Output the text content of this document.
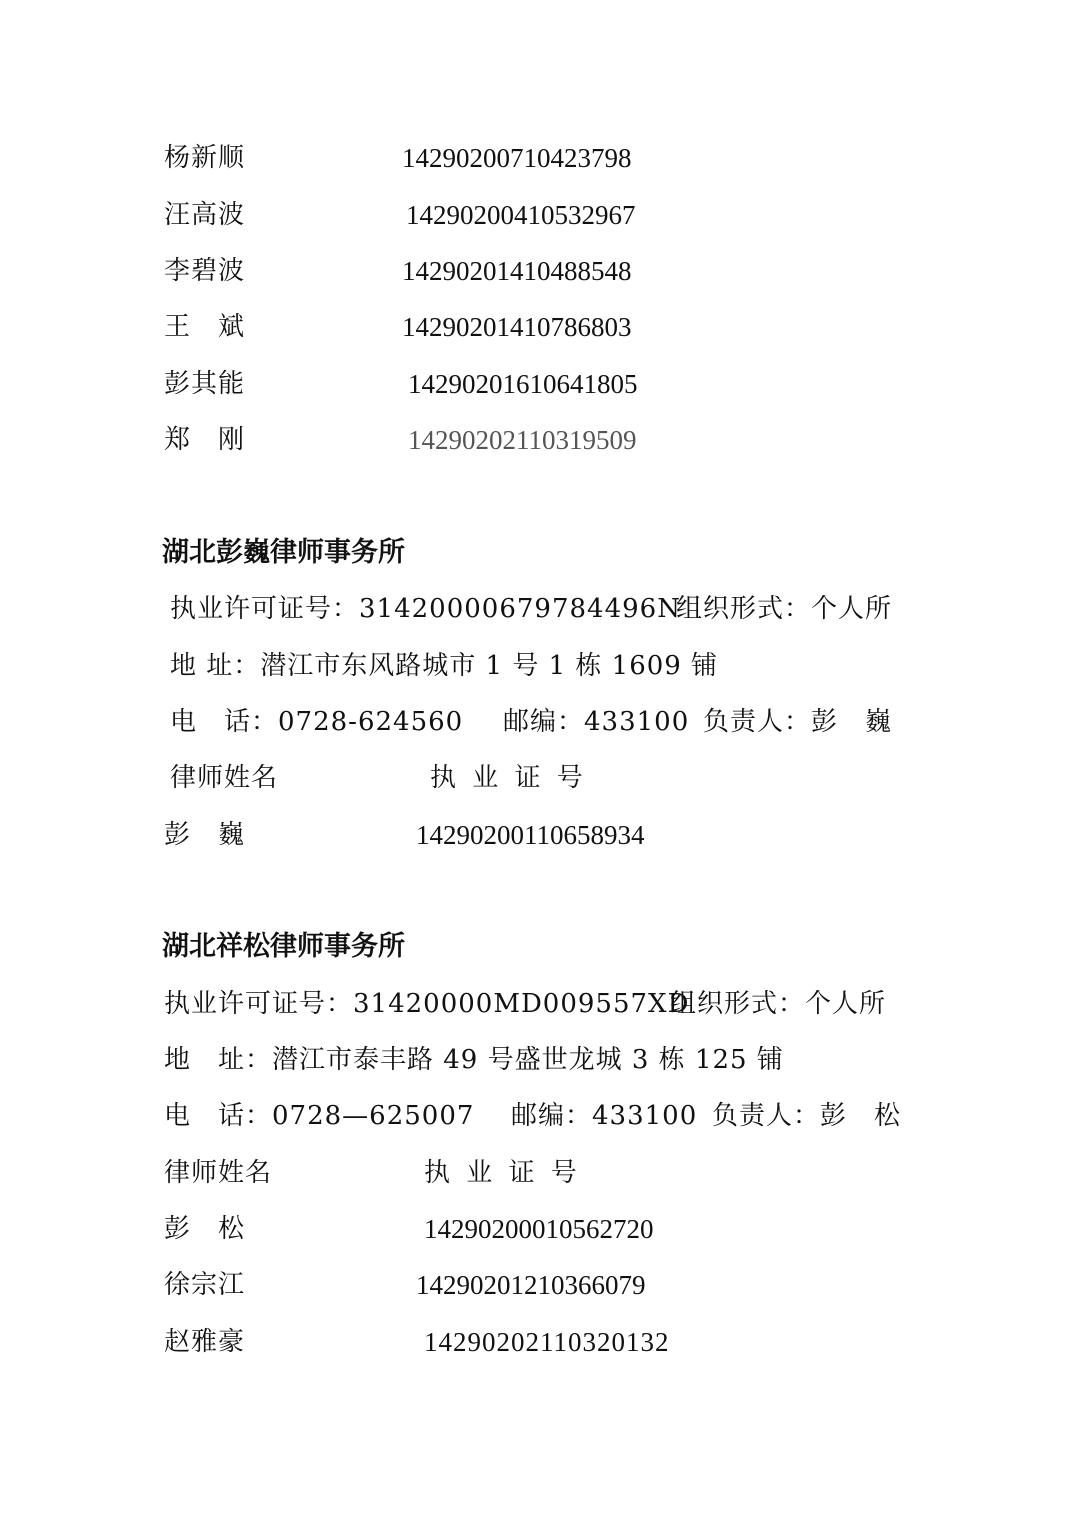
杨新顺	14290200710423798
汪高波	14290200410532967
李碧波	14290201410488548
王　斌	14290201410786803
彭其能	14290201610641805
郑　刚	14290202110319509
湖北彭巍律师事务所
执业许可证号：31420000679784496N
组织形式：个人所
地 址：潜江市东风路城市 1 号 1 栋 1609 铺
电　话：0728-624560 邮编：433100 负责人：彭　巍
律师姓名	执 业 证 号
彭　巍	14290200110658934
湖北祥松律师事务所
执业许可证号：31420000MD009557XD
组织形式：个人所
地　址：潜江市泰丰路 49 号盛世龙城 3 栋 125 铺
电　话：0728—625007 邮编：433100 负责人：彭　松
律师姓名	执 业 证 号
彭　松	14290200010562720
徐宗江	14290201210366079
赵雅豪	14290202110320132
